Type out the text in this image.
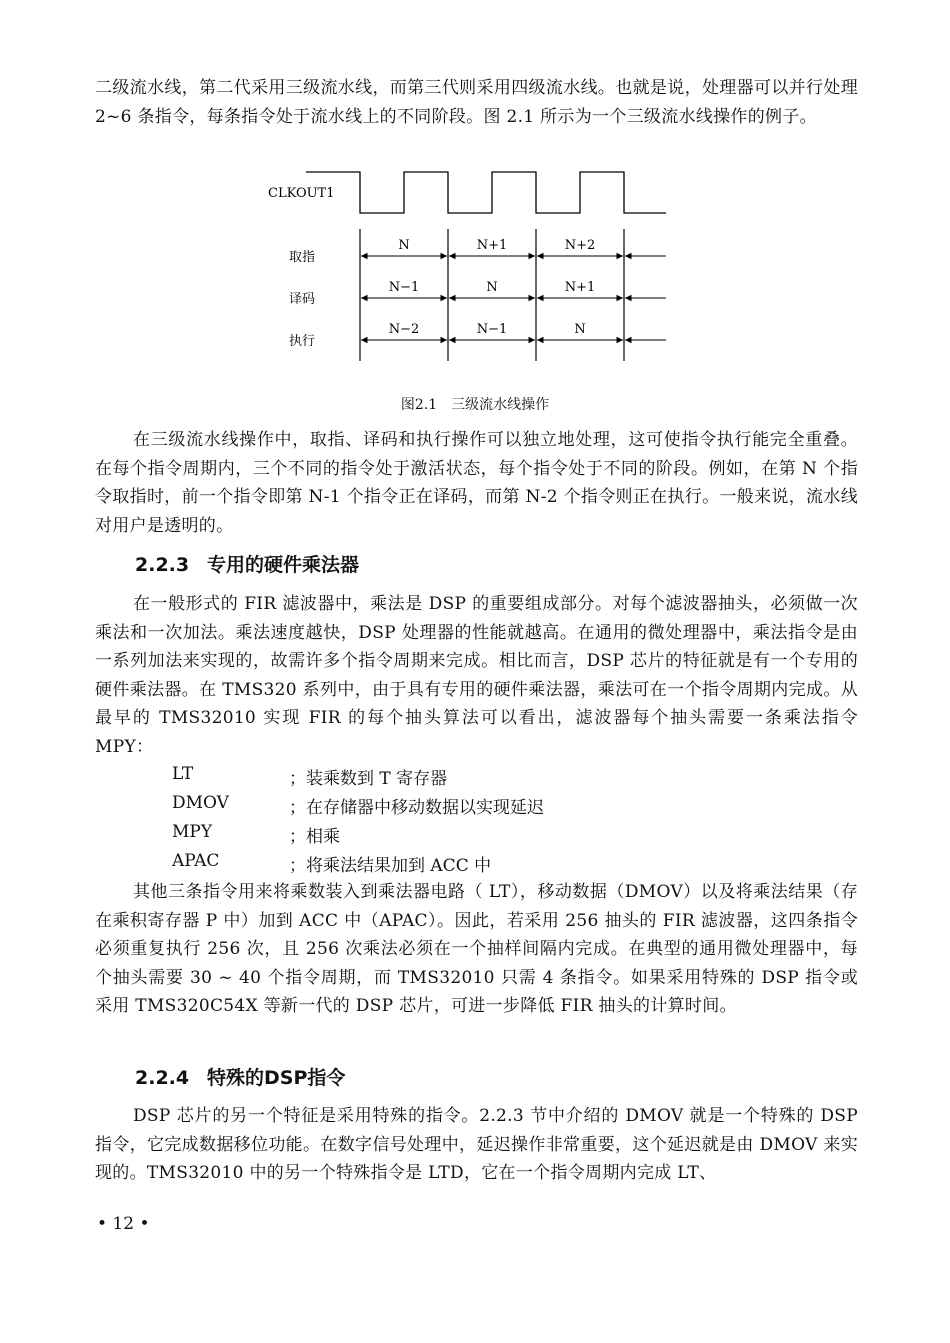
二级流水线，第二代采用三级流水线，而第三代则采用四级流水线。也就是说，处理器可以并行处理 2~6 条指令，每条指令处于流水线上的不同阶段。图 2.1 所示为一个三级流水线操作的例子。

CLKOUT1
取指
N	N+1	N+2
译码
N−1	N	N+1
执行
N−2	N−1	N

图2.1　三级流水线操作

在三级流水线操作中，取指、译码和执行操作可以独立地处理，这可使指令执行能完全重叠。在每个指令周期内，三个不同的指令处于激活状态，每个指令处于不同的阶段。例如，在第 N 个指令取指时，前一个指令即第 N-1 个指令正在译码，而第 N-2 个指令则正在执行。一般来说，流水线对用户是透明的。

2.2.3 专用的硬件乘法器

在一般形式的 FIR 滤波器中，乘法是 DSP 的重要组成部分。对每个滤波器抽头，必须做一次乘法和一次加法。乘法速度越快，DSP 处理器的性能就越高。在通用的微处理器中，乘法指令是由一系列加法来实现的，故需许多个指令周期来完成。相比而言，DSP 芯片的特征就是有一个专用的硬件乘法器。在 TMS320 系列中，由于具有专用的硬件乘法器，乘法可在一个指令周期内完成。从最早的 TMS32010 实现 FIR 的每个抽头算法可以看出，滤波器每个抽头需要一条乘法指令 MPY：

LT	；装乘数到 T 寄存器
DMOV	；在存储器中移动数据以实现延迟
MPY	；相乘
APAC	；将乘法结果加到 ACC 中

其他三条指令用来将乘数装入到乘法器电路（ LT），移动数据（DMOV）以及将乘法结果（存在乘积寄存器 P 中）加到 ACC 中（APAC）。因此，若采用 256 抽头的 FIR 滤波器，这四条指令必须重复执行 256 次，且 256 次乘法必须在一个抽样间隔内完成。在典型的通用微处理器中，每个抽头需要 30 ~ 40 个指令周期，而 TMS32010 只需 4 条指令。如果采用特殊的 DSP 指令或采用 TMS320C54X 等新一代的 DSP 芯片，可进一步降低 FIR 抽头的计算时间。

2.2.4 特殊的DSP指令

DSP 芯片的另一个特征是采用特殊的指令。2.2.3 节中介绍的 DMOV 就是一个特殊的 DSP 指令，它完成数据移位功能。在数字信号处理中，延迟操作非常重要，这个延迟就是由 DMOV 来实现的。TMS32010 中的另一个特殊指令是 LTD，它在一个指令周期内完成 LT、

• 12 •
